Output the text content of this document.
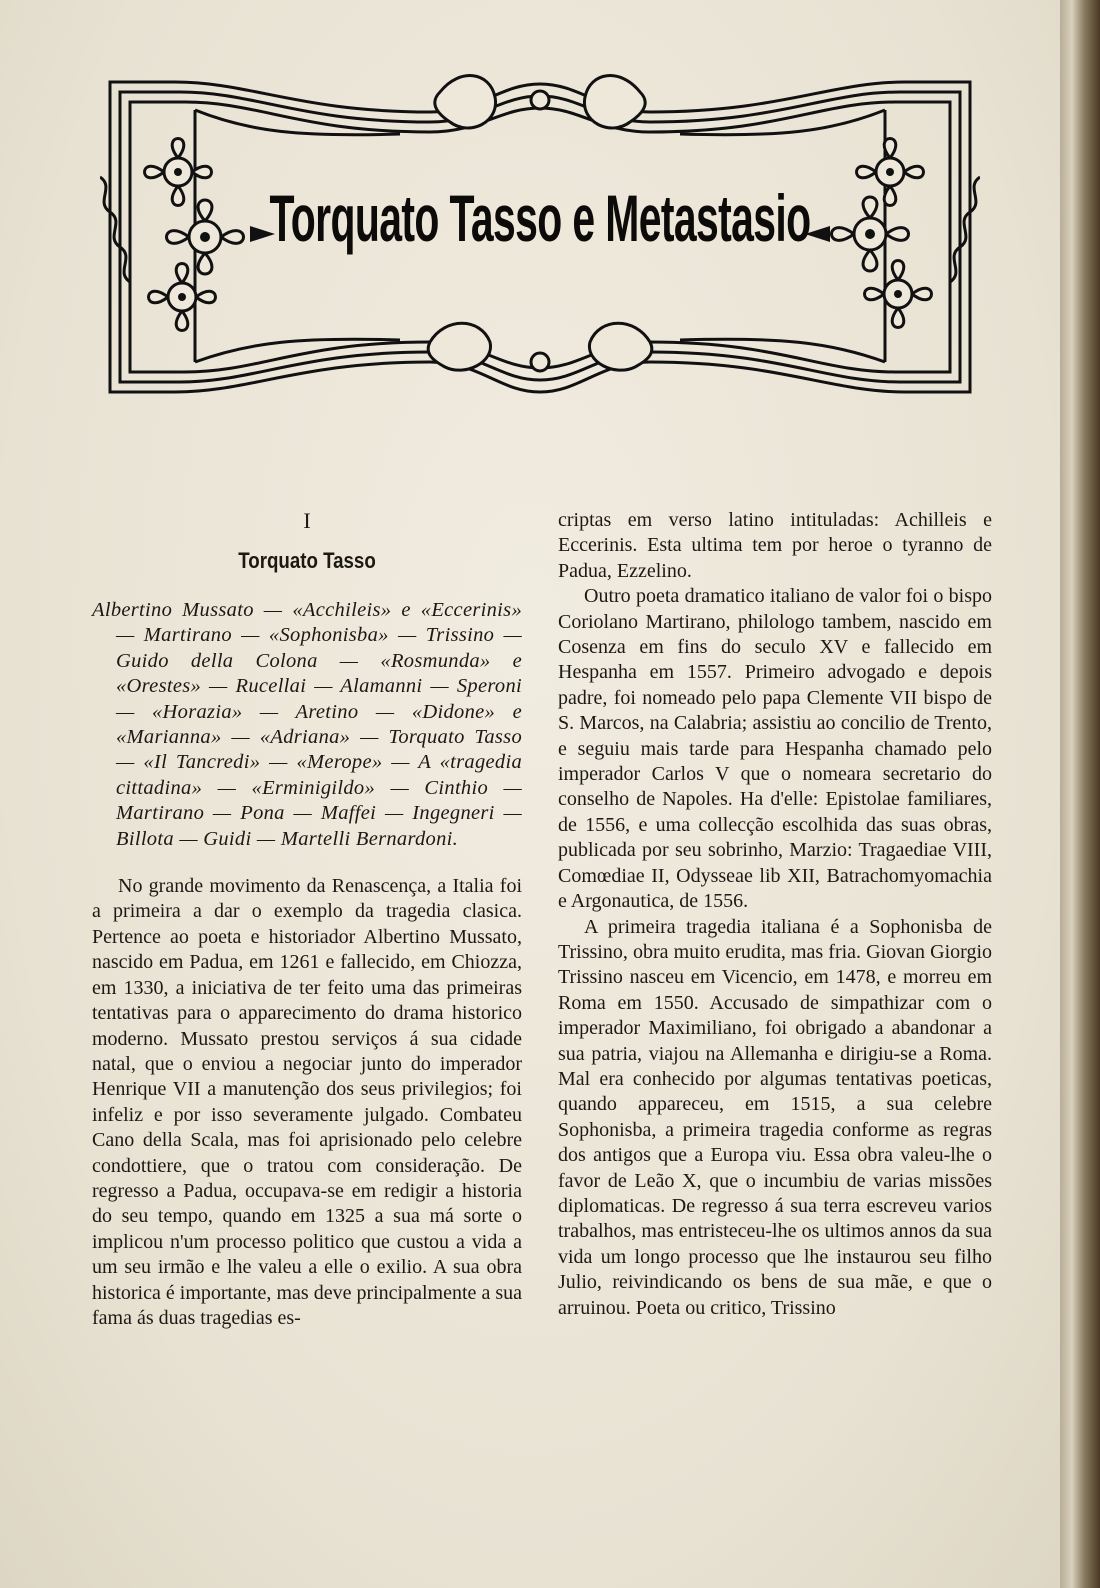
Torquato Tasso e Metastasio
I
Torquato Tasso
Albertino Mussato — «Acchileis» e «Eccerinis» — Martirano — «Sophonisba» — Trissino — Guido della Colona — «Rosmunda» e «Orestes» — Rucellai — Alamanni — Speroni — «Horazia» — Aretino — «Didone» e «Marianna» — «Adriana» — Torquato Tasso — «Il Tancredi» — «Merope» — A «tragedia cittadina» — «Erminigildo» — Cinthio — Martirano — Pona — Maffei — Ingegneri — Billota — Guidi — Martelli Bernardoni.

No grande movimento da Renascença, a Italia foi a primeira a dar o exemplo da tragedia clasica. Pertence ao poeta e historiador Albertino Mussato, nascido em Padua, em 1261 e fallecido, em Chiozza, em 1330, a iniciativa de ter feito uma das primeiras tentativas para o apparecimento do drama historico moderno. Mussato prestou serviços á sua cidade natal, que o enviou a negociar junto do imperador Henrique VII a manutenção dos seus privilegios; foi infeliz e por isso severamente julgado. Combateu Cano della Scala, mas foi aprisionado pelo celebre condottiere, que o tratou com consideração. De regresso a Padua, occupava-se em redigir a historia do seu tempo, quando em 1325 a sua má sorte o implicou n'um processo politico que custou a vida a um seu irmão e lhe valeu a elle o exilio. A sua obra historica é importante, mas deve principalmente a sua fama ás duas tragedias es-

criptas em verso latino intituladas: Achilleis e Eccerinis. Esta ultima tem por heroe o tyranno de Padua, Ezzelino.

Outro poeta dramatico italiano de valor foi o bispo Coriolano Martirano, philologo tambem, nascido em Cosenza em fins do seculo XV e fallecido em Hespanha em 1557. Primeiro advogado e depois padre, foi nomeado pelo papa Clemente VII bispo de S. Marcos, na Calabria; assistiu ao concilio de Trento, e seguiu mais tarde para Hespanha chamado pelo imperador Carlos V que o nomeara secretario do conselho de Napoles. Ha d'elle: Epistolae familiares, de 1556, e uma collecção escolhida das suas obras, publicada por seu sobrinho, Marzio: Tragaediae VIII, Comœdiae II, Odysseae lib XII, Batrachomyomachia e Argonautica, de 1556.

A primeira tragedia italiana é a Sophonisba de Trissino, obra muito erudita, mas fria. Giovan Giorgio Trissino nasceu em Vicencio, em 1478, e morreu em Roma em 1550. Accusado de simpathizar com o imperador Maximiliano, foi obrigado a abandonar a sua patria, viajou na Allemanha e dirigiu-se a Roma. Mal era conhecido por algumas tentativas poeticas, quando appareceu, em 1515, a sua celebre Sophonisba, a primeira tragedia conforme as regras dos antigos que a Europa viu. Essa obra valeu-lhe o favor de Leão X, que o incumbiu de varias missões diplomaticas. De regresso á sua terra escreveu varios trabalhos, mas entristeceu-lhe os ultimos annos da sua vida um longo processo que lhe instaurou seu filho Julio, reivindicando os bens de sua mãe, e que o arruinou. Poeta ou critico, Trissino
